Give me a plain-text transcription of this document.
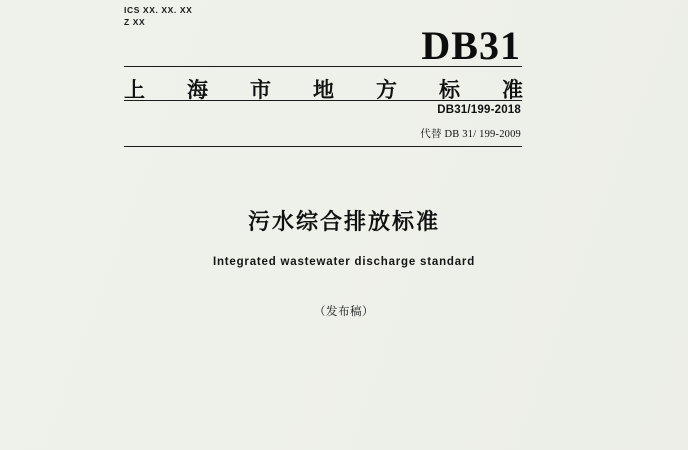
ICS XX. XX. XX
Z XX
DB31
上 海 市 地 方 标 准
DB31/199-2018
代替 DB 31/ 199-2009
污水综合排放标准
Integrated wastewater discharge standard
（发布稿）
